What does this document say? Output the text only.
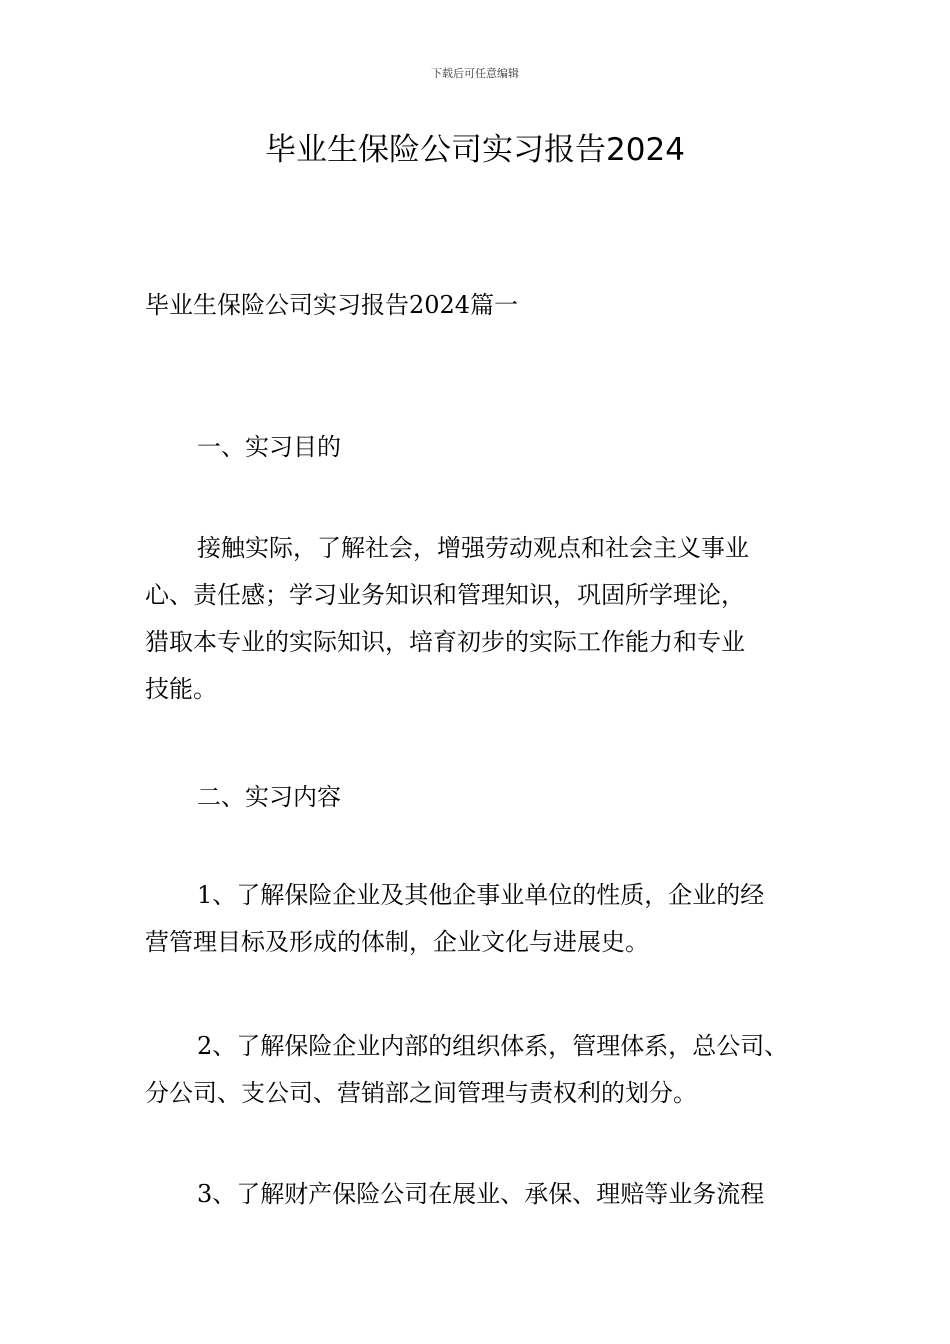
下载后可任意编辑
毕业生保险公司实习报告2024

毕业生保险公司实习报告2024篇一

一、实习目的

接触实际，了解社会，增强劳动观点和社会主义事业
心、责任感；学习业务知识和管理知识，巩固所学理论，
猎取本专业的实际知识，培育初步的实际工作能力和专业
技能。

二、实习内容

1、了解保险企业及其他企事业单位的性质，企业的经
营管理目标及形成的体制，企业文化与进展史。
2、了解保险企业内部的组织体系，管理体系，总公司、
分公司、支公司、营销部之间管理与责权利的划分。
3、了解财产保险公司在展业、承保、理赔等业务流程
